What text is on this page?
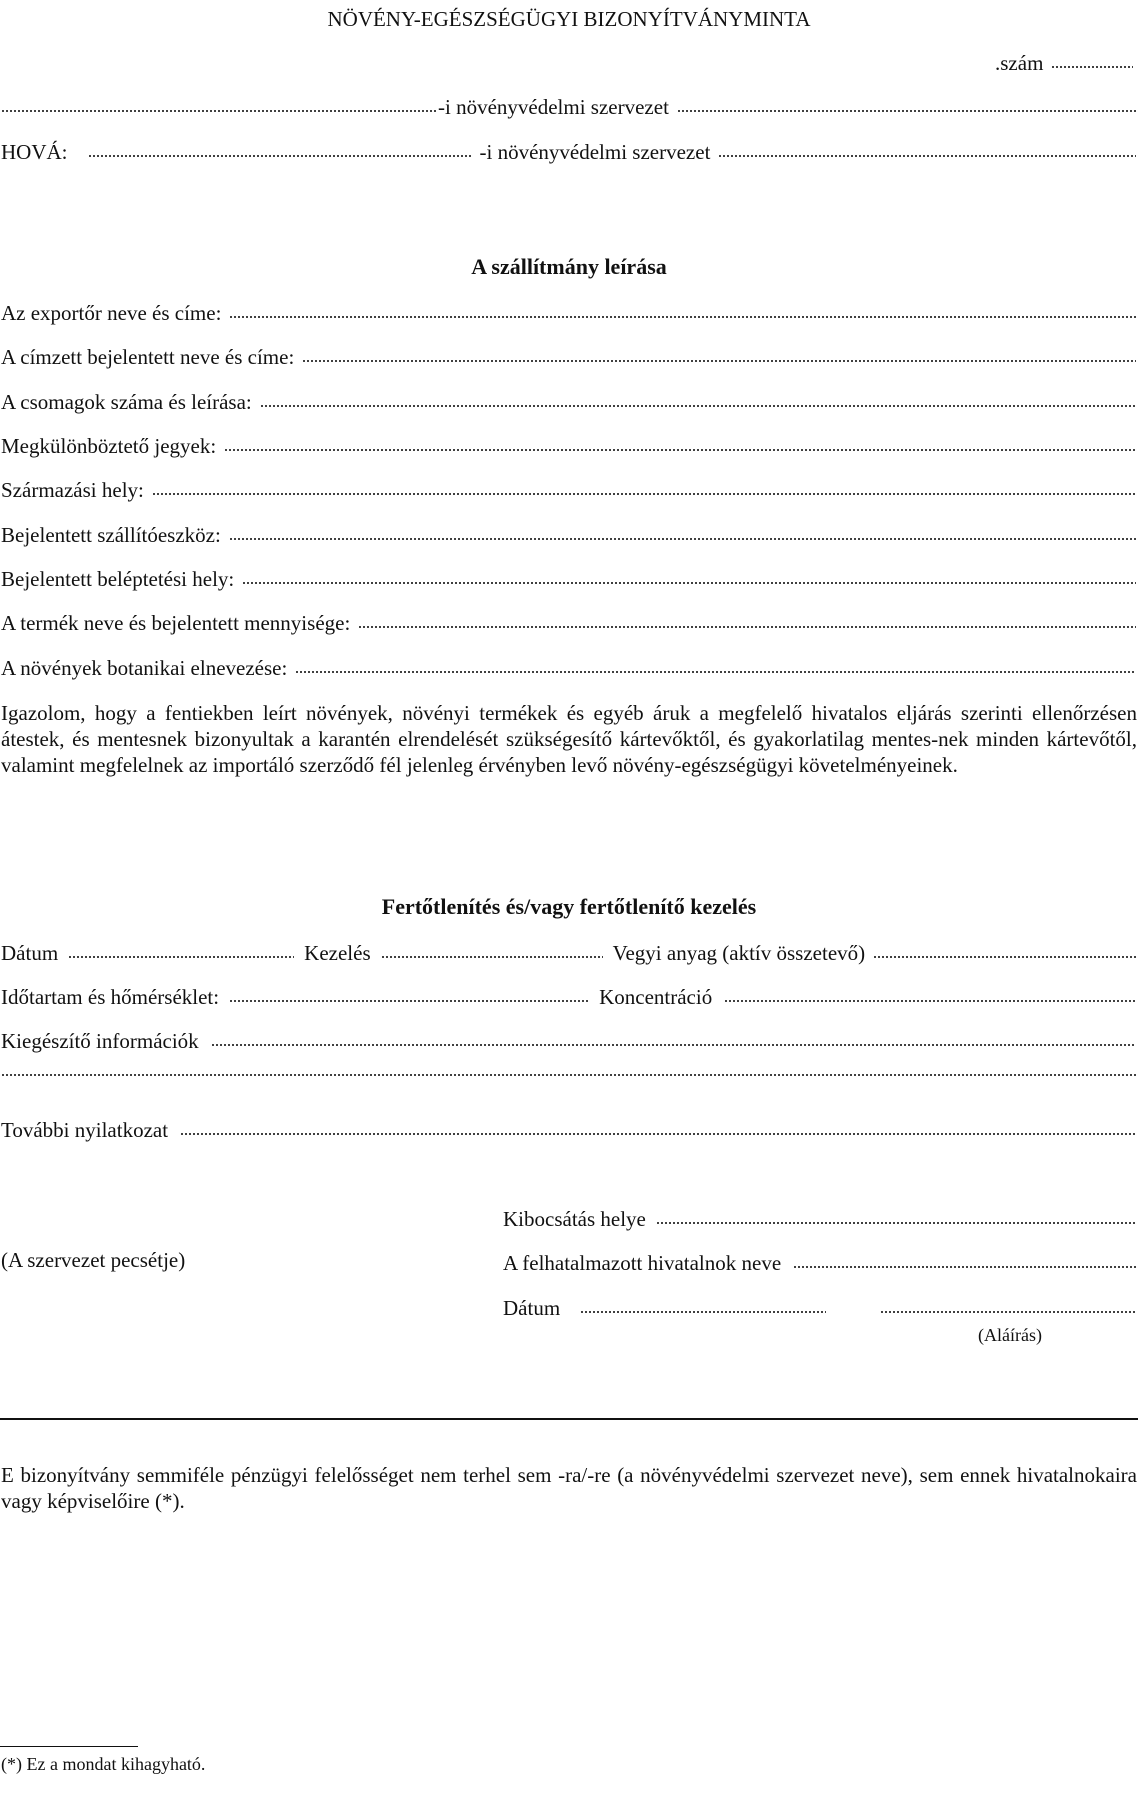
NÖVÉNY-EGÉSZSÉGÜGYI BIZONYÍTVÁNYMINTA
.szám
-i növényvédelmi szervezet
HOVÁ:	-i növényvédelmi szervezet
A szállítmány leírása
Az exportőr neve és címe:
A címzett bejelentett neve és címe:
A csomagok száma és leírása:
Megkülönböztető jegyek:
Származási hely:
Bejelentett szállítóeszköz:
Bejelentett beléptetési hely:
A termék neve és bejelentett mennyisége:
A növények botanikai elnevezése:
Igazolom, hogy a fentiekben leírt növények, növényi termékek és egyéb áruk a megfelelő hivatalos eljárás szerinti ellenőrzésen átestek, és mentesnek bizonyultak a karantén elrendelését szükségesítő kártevőktől, és gyakorlatilag mentes-nek minden kártevőtől, valamint megfelelnek az importáló szerződő fél jelenleg érvényben levő növény-egészségügyi követelményeinek.
Fertőtlenítés és/vagy fertőtlenítő kezelés
Dátum	Kezelés	Vegyi anyag (aktív összetevő)
Időtartam és hőmérséklet:	Koncentráció
Kiegészítő információk
További nyilatkozat
Kibocsátás helye
(A szervezet pecsétje)	A felhatalmazott hivatalnok neve
Dátum
(Aláírás)
E bizonyítvány semmiféle pénzügyi felelősséget nem terhel sem -ra/-re (a növényvédelmi szervezet neve), sem ennek hivatalnokaira vagy képviselőire (*).
(*) Ez a mondat kihagyható.
